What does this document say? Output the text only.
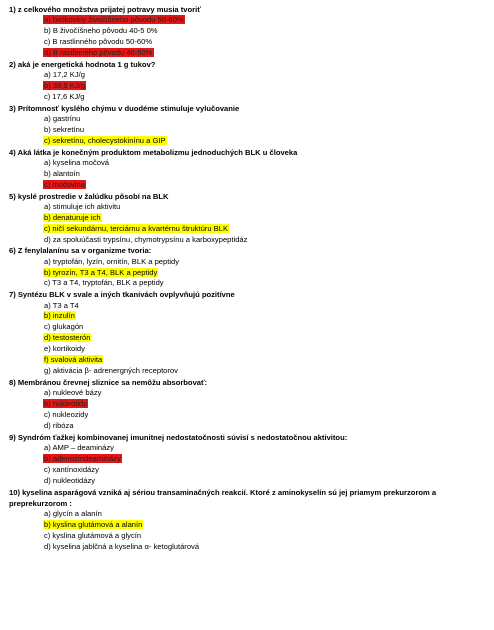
1) z celkového množstva prijatej potravy musia tvoriť
a) bielkoviny živočíšneho pôvodu 50-60%
b) B živočíšneho pôvodu 40-5 0%
c) B rastlinného pôvodu 50-60%
d) B rastlinného pôvodu 40-50%
2) aká je energetická hodnota 1 g tukov?
a) 17,2 KJ/g
b) 38,9 KJ/g
c) 17,6 KJ/g
3) Prítomnosť kyslého chýmu v duodéme stimuluje vylučovanie
a) gastrínu
b) sekretínu
c) sekretínu, cholecystokinínu a GIP
4) Aká látka je konečným produktom metabolizmu jednoduchých BLK u človeka
a) kyselina močová
b) alantoín
c) močovina
5) kyslé prostredie v žalúdku pôsobí na BLK
a) stimuluje ich aktivitu
b) denaturuje ich
c) ničí sekundárnu, terciárnu a kvartérnu štruktúru BLK
d) za spoluúčasti trypsínu, chymotrypsínu a karboxypeptidáz
6) Z fenylalanínu sa v organizme tvoria:
a) tryptofán, lyzín, ornitín, BLK a peptidy
b) tyrozín, T3 a T4, BLK a peptidy
c) T3 a T4, tryptofán, BLK a peptidy
7) Syntézu BLK v svale a iných tkanivách ovplyvňujú pozitívne
a) T3 a T4
b) inzulín
c) glukagón
d) testosterón
e) kortikoidy
f) svalová aktivita
g) aktivácia β- adrenergných receptorov
8) Membránou črevnej sliznice sa nemôžu absorbovať:
a) nukleové bázy
b) nukleotidy
c) nukleozidy
d) ribóza
9) Syndróm ťažkej kombinovanej imunitnej nedostatočnosti súvisí s nedostatočnou aktivitou:
a) AMP – deaminázy
b) adenozíndeaminázy
c) xantínoxidázy
d) nukleotidázy
10) kyselina asparágová vzniká aj sériou transaminačných reakcií. Ktoré z aminokyselín sú jej priamym prekurzorom a preprekurzorom :
a) glycín a alanín
b) kyslina glutámová a alanín
c) kyslina glutámová a glycín
d) kyselina jablčná a kyselina α- ketoglutárová
